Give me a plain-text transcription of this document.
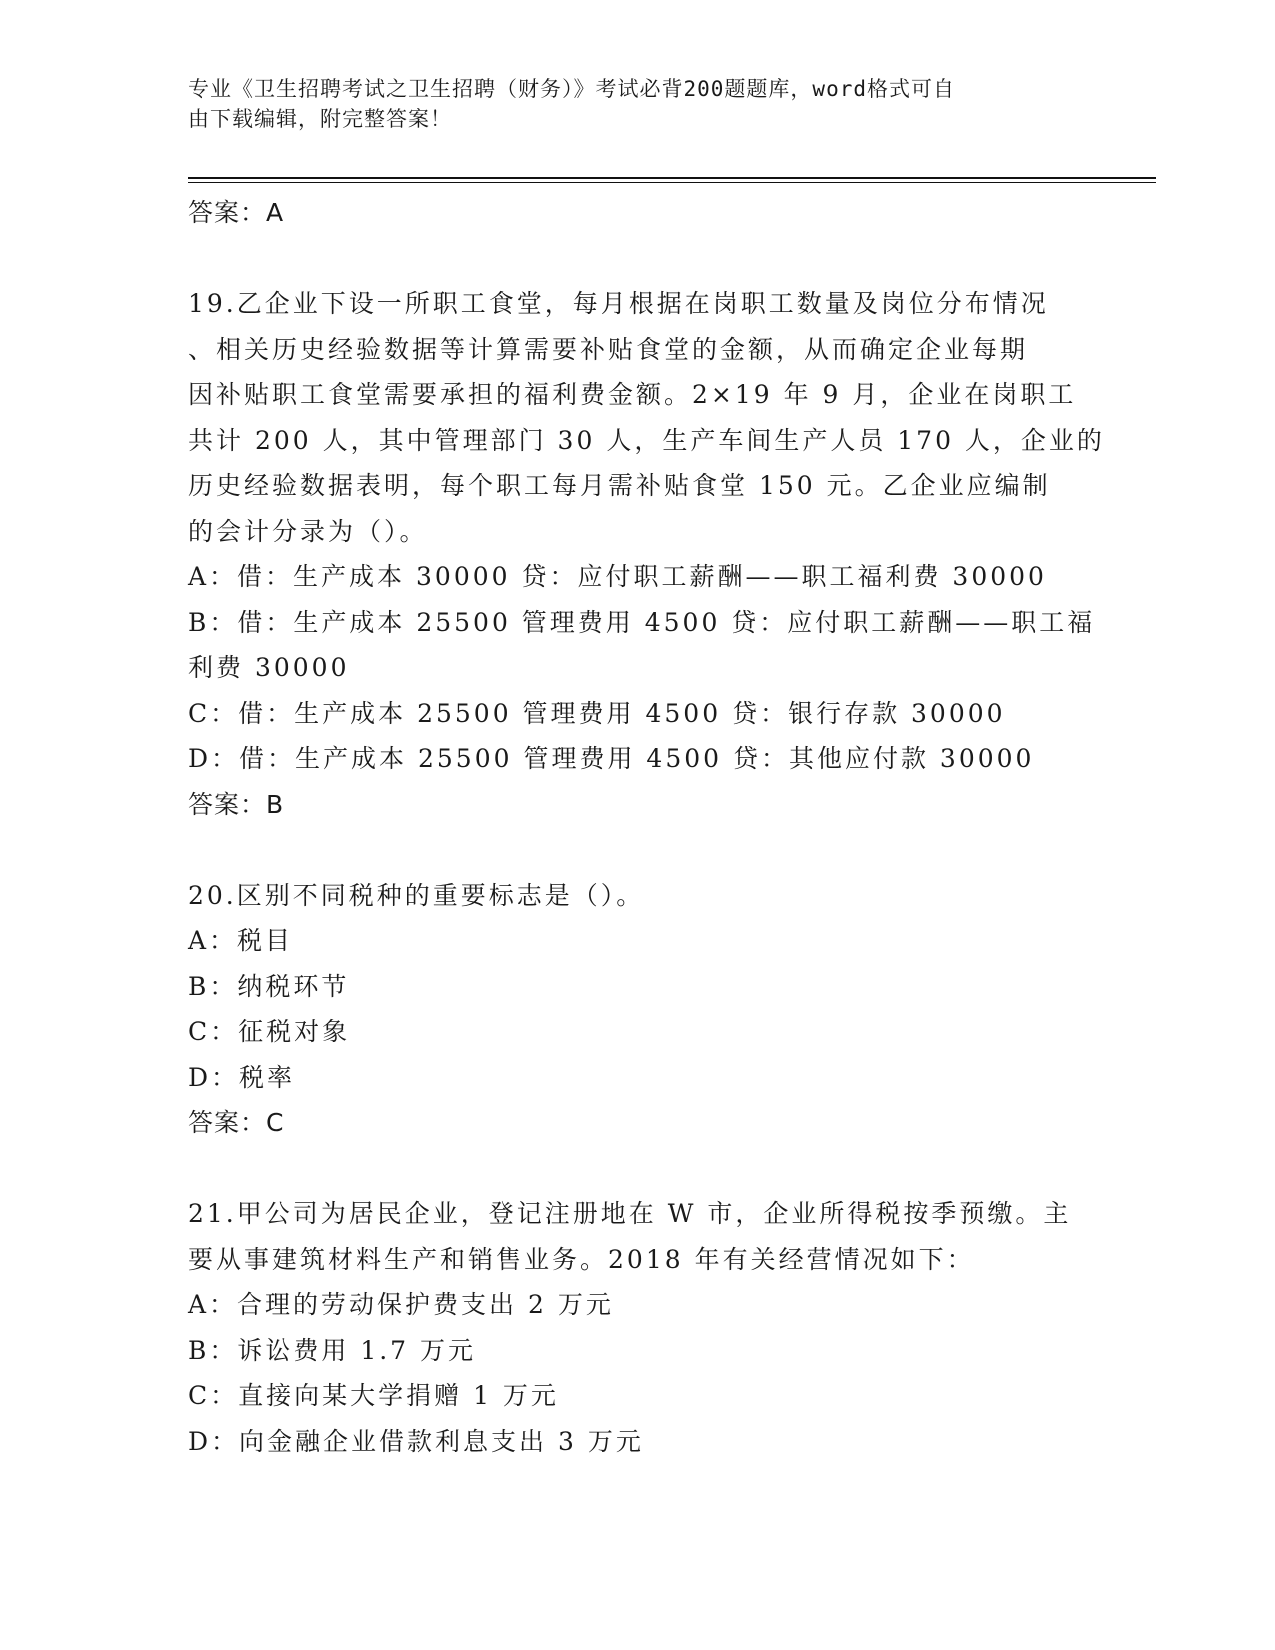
专业《卫生招聘考试之卫生招聘（财务）》考试必背200题题库，word格式可自
由下载编辑，附完整答案！
答案：A
19.乙企业下设一所职工食堂，每月根据在岗职工数量及岗位分布情况
、相关历史经验数据等计算需要补贴食堂的金额，从而确定企业每期
因补贴职工食堂需要承担的福利费金额。2×19 年 9 月，企业在岗职工
共计 200 人，其中管理部门 30 人，生产车间生产人员 170 人，企业的
历史经验数据表明，每个职工每月需补贴食堂 150 元。乙企业应编制
的会计分录为（）。
A：借：生产成本 30000 贷：应付职工薪酬——职工福利费 30000
B：借：生产成本 25500 管理费用 4500 贷：应付职工薪酬——职工福
利费 30000
C：借：生产成本 25500 管理费用 4500 贷：银行存款 30000
D：借：生产成本 25500 管理费用 4500 贷：其他应付款 30000
答案：B
20.区别不同税种的重要标志是（）。
A：税目
B：纳税环节
C：征税对象
D：税率
答案：C
21.甲公司为居民企业，登记注册地在 W 市，企业所得税按季预缴。主
要从事建筑材料生产和销售业务。2018 年有关经营情况如下：
A：合理的劳动保护费支出 2 万元
B：诉讼费用 1.7 万元
C：直接向某大学捐赠 1 万元
D：向金融企业借款利息支出 3 万元
